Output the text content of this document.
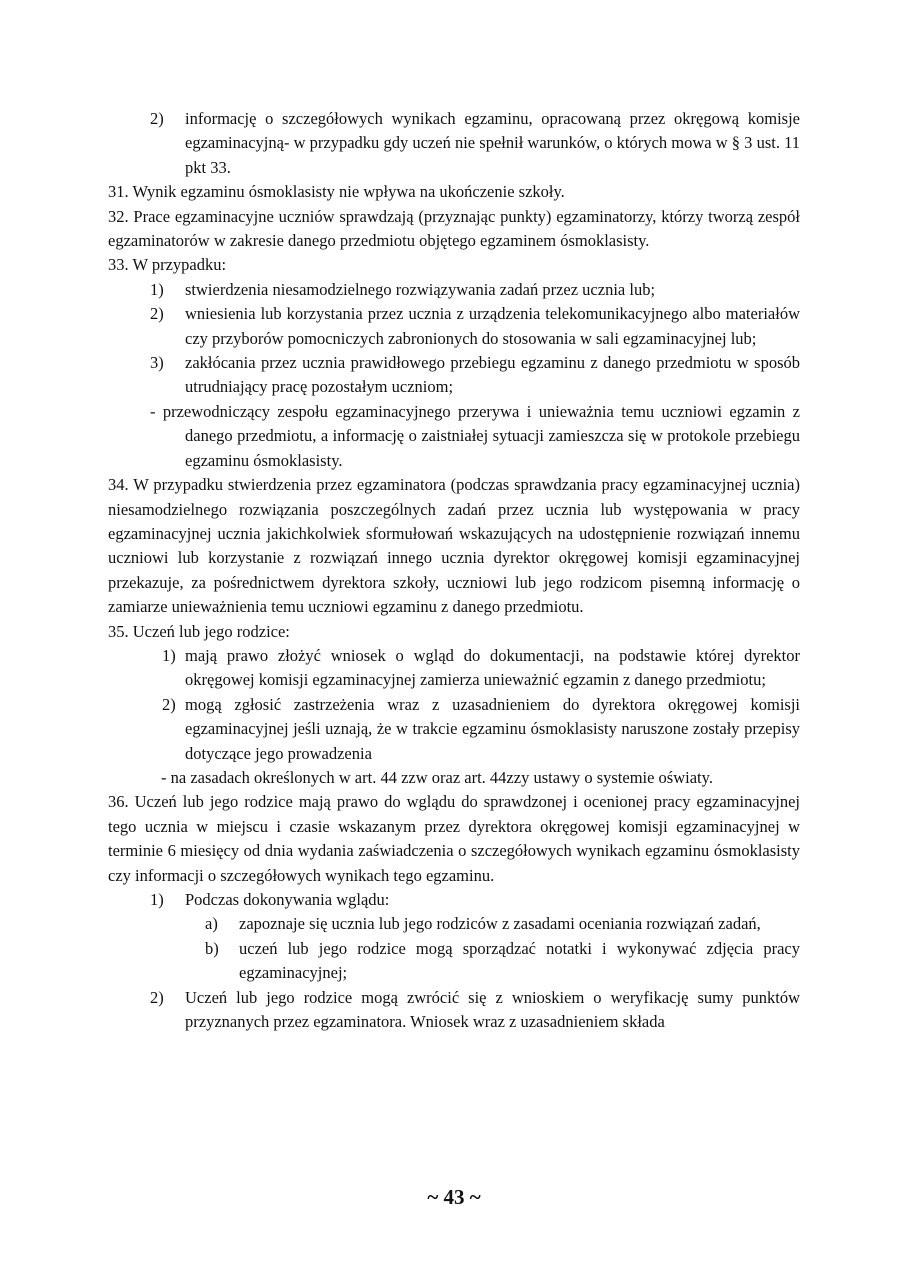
2) informację o szczegółowych wynikach egzaminu, opracowaną przez okręgową komisje egzaminacyjną- w przypadku gdy uczeń nie spełnił warunków, o których mowa w § 3 ust. 11 pkt 33.

31. Wynik egzaminu ósmoklasisty nie wpływa na ukończenie szkoły.

32. Prace egzaminacyjne uczniów sprawdzają (przyznając punkty) egzaminatorzy, którzy tworzą zespół egzaminatorów w zakresie danego przedmiotu objętego egzaminem ósmoklasisty.

33. W przypadku:

1) stwierdzenia niesamodzielnego rozwiązywania zadań przez ucznia lub;
2) wniesienia lub korzystania przez ucznia z urządzenia telekomunikacyjnego albo materiałów czy przyborów pomocniczych zabronionych do stosowania w sali egzaminacyjnej lub;
3) zakłócania przez ucznia prawidłowego przebiegu egzaminu z danego przedmiotu w sposób utrudniający pracę pozostałym uczniom;

- przewodniczący zespołu egzaminacyjnego przerywa i unieważnia temu uczniowi egzamin z danego przedmiotu, a informację o zaistniałej sytuacji zamieszcza się w protokole przebiegu egzaminu ósmoklasisty.

34. W przypadku stwierdzenia przez egzaminatora (podczas sprawdzania pracy egzaminacyjnej ucznia) niesamodzielnego rozwiązania poszczególnych zadań przez ucznia lub występowania w pracy egzaminacyjnej ucznia jakichkolwiek sformułowań wskazujących na udostępnienie rozwiązań innemu uczniowi lub korzystanie z rozwiązań innego ucznia dyrektor okręgowej komisji egzaminacyjnej przekazuje, za pośrednictwem dyrektora szkoły, uczniowi lub jego rodzicom pisemną informację o zamiarze unieważnienia temu uczniowi egzaminu z danego przedmiotu.

35. Uczeń lub jego rodzice:

1) mają prawo złożyć wniosek o wgląd do dokumentacji, na podstawie której dyrektor okręgowej komisji egzaminacyjnej zamierza unieważnić egzamin z danego przedmiotu;
2) mogą zgłosić zastrzeżenia wraz z uzasadnieniem do dyrektora okręgowej komisji egzaminacyjnej jeśli uznają, że w trakcie egzaminu ósmoklasisty naruszone zostały przepisy dotyczące jego prowadzenia

- na zasadach określonych w art. 44 zzw oraz art. 44zzy ustawy o systemie oświaty.

36. Uczeń lub jego rodzice mają prawo do wglądu do sprawdzonej i ocenionej pracy egzaminacyjnej tego ucznia w miejscu i czasie wskazanym przez dyrektora okręgowej komisji egzaminacyjnej w terminie 6 miesięcy od dnia wydania zaświadczenia o szczegółowych wynikach egzaminu ósmoklasisty czy informacji o szczegółowych wynikach tego egzaminu.

1) Podczas dokonywania wglądu:
a) zapoznaje się ucznia lub jego rodziców z zasadami oceniania rozwiązań zadań,
b) uczeń lub jego rodzice mogą sporządzać notatki i wykonywać zdjęcia pracy egzaminacyjnej;
2) Uczeń lub jego rodzice mogą zwrócić się z wnioskiem o weryfikację sumy punktów przyznanych przez egzaminatora. Wniosek wraz z uzasadnieniem składa
~ 43 ~
